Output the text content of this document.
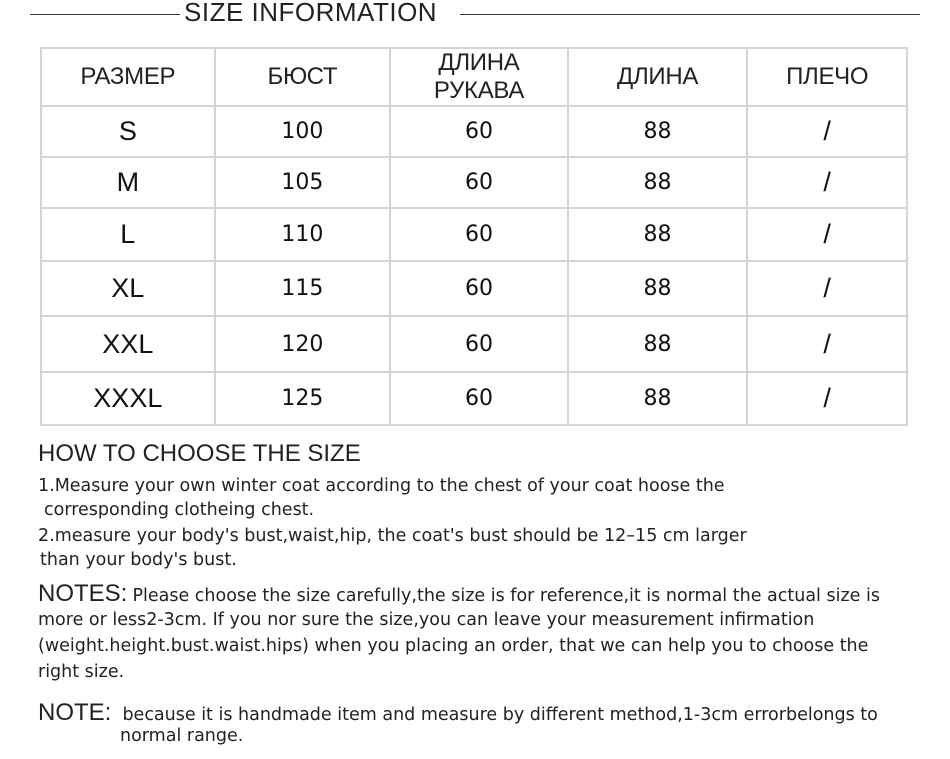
SIZE INFORMATION
РАЗМЕР	БЮСТ	ДЛИНА РУКАВА	ДЛИНА	ПЛЕЧО
S	100	60	88	/
M	105	60	88	/
L	110	60	88	/
XL	115	60	88	/
XXL	120	60	88	/
XXXL	125	60	88	/
HOW TO CHOOSE THE SIZE
1.Measure your own winter coat according to the chest of your coat hoose the
corresponding clotheing chest.
2.measure your body's bust,waist,hip, the coat's bust should be 12–15 cm larger
than your body's bust.
NOTES: Please choose the size carefully,the size is for reference,it is normal the actual size is
more or less2-3cm. If you nor sure the size,you can leave your measurement infirmation
(weight.height.bust.waist.hips) when you placing an order, that we can help you to choose the
right size.
NOTE: because it is handmade item and measure by different method,1-3cm errorbelongs to
normal range.
